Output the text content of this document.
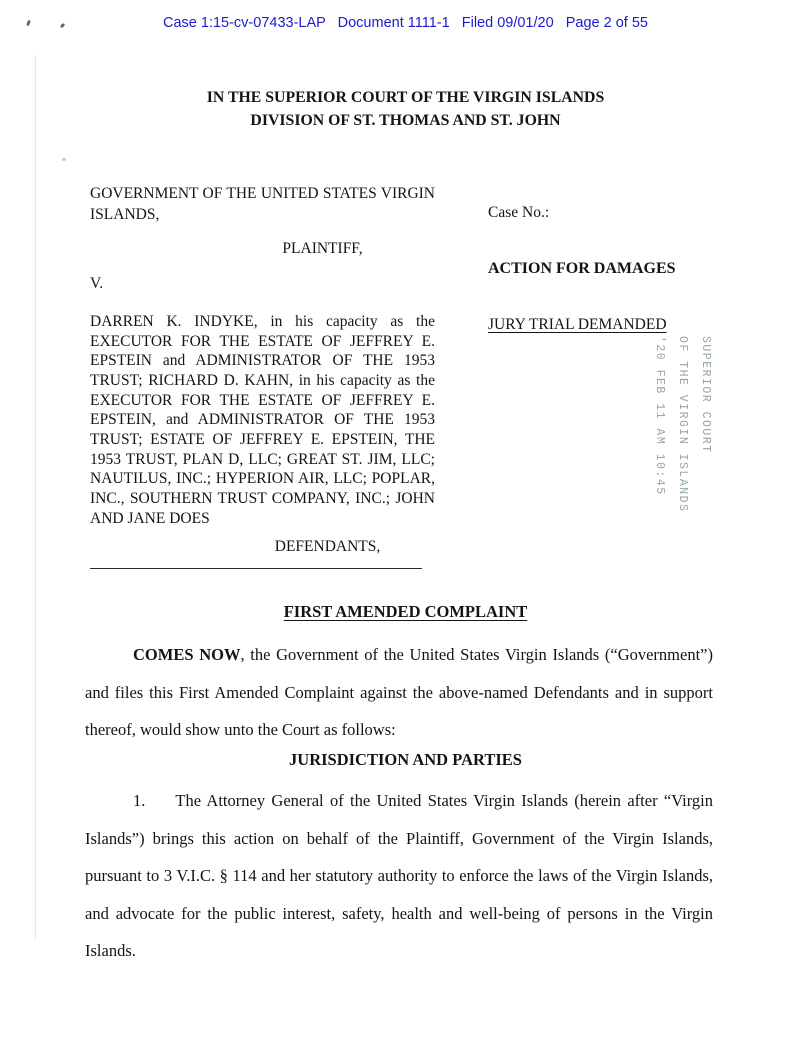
Case 1:15-cv-07433-LAP   Document 1111-1   Filed 09/01/20   Page 2 of 55
IN THE SUPERIOR COURT OF THE VIRGIN ISLANDS
DIVISION OF ST. THOMAS AND ST. JOHN

GOVERNMENT OF THE UNITED STATES VIRGIN ISLANDS,

PLAINTIFF,

V.

DARREN K. INDYKE, in his capacity as the EXECUTOR FOR THE ESTATE OF JEFFREY E. EPSTEIN and ADMINISTRATOR OF THE 1953 TRUST; RICHARD D. KAHN, in his capacity as the EXECUTOR FOR THE ESTATE OF JEFFREY E. EPSTEIN, and ADMINISTRATOR OF THE 1953 TRUST; ESTATE OF JEFFREY E. EPSTEIN, THE 1953 TRUST, PLAN D, LLC; GREAT ST. JIM, LLC; NAUTILUS, INC.; HYPERION AIR, LLC; POPLAR, INC., SOUTHERN TRUST COMPANY, INC.; JOHN AND JANE DOES

DEFENDANTS,

Case No.:
ACTION FOR DAMAGES
JURY TRIAL DEMANDED
SUPERIOR COURT
OF THE VIRGIN ISLANDS
'20 FEB 11 AM 10:45
FIRST AMENDED COMPLAINT

COMES NOW, the Government of the United States Virgin Islands (“Government”) and files this First Amended Complaint against the above-named Defendants and in support thereof, would show unto the Court as follows:

JURISDICTION AND PARTIES

1. The Attorney General of the United States Virgin Islands (herein after “Virgin Islands”) brings this action on behalf of the Plaintiff, Government of the Virgin Islands, pursuant to 3 V.I.C. § 114 and her statutory authority to enforce the laws of the Virgin Islands, and advocate for the public interest, safety, health and well-being of persons in the Virgin Islands.
